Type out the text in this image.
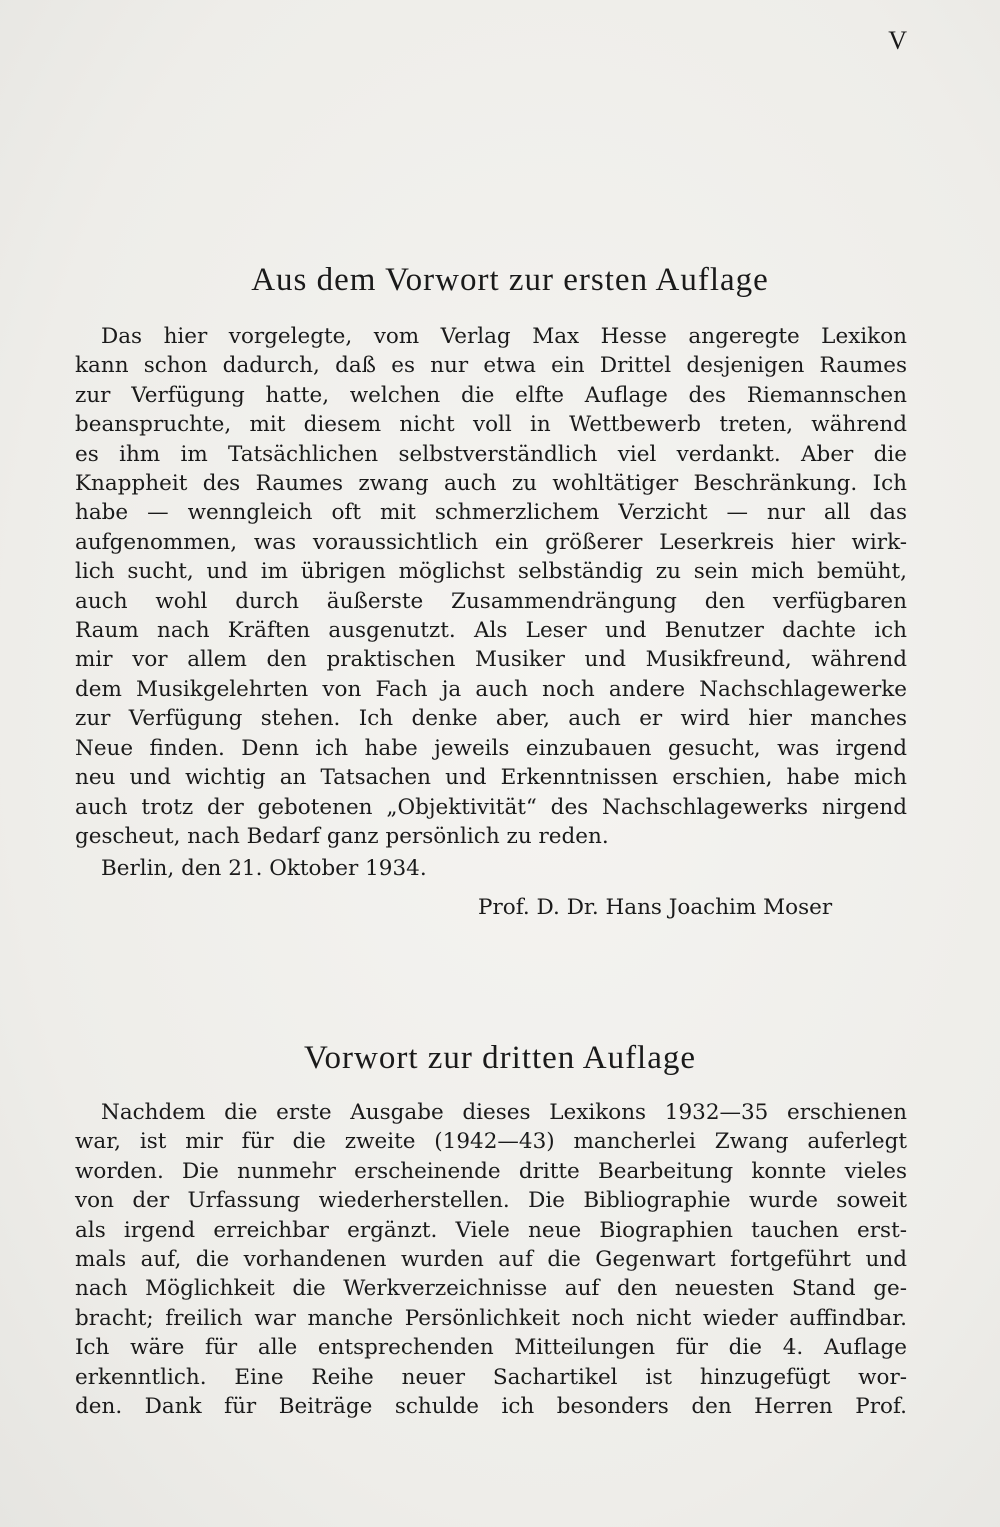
V
Aus dem Vorwort zur ersten Auflage
Das hier vorgelegte, vom Verlag Max Hesse angeregte Lexikon
kann schon dadurch, daß es nur etwa ein Drittel desjenigen Raumes
zur Verfügung hatte, welchen die elfte Auflage des Riemannschen
beanspruchte, mit diesem nicht voll in Wettbewerb treten, während
es ihm im Tatsächlichen selbstverständlich viel verdankt. Aber die
Knappheit des Raumes zwang auch zu wohltätiger Beschränkung. Ich
habe — wenngleich oft mit schmerzlichem Verzicht — nur all das
aufgenommen, was voraussichtlich ein größerer Leserkreis hier wirk-
lich sucht, und im übrigen möglichst selbständig zu sein mich bemüht,
auch wohl durch äußerste Zusammendrängung den verfügbaren
Raum nach Kräften ausgenutzt. Als Leser und Benutzer dachte ich
mir vor allem den praktischen Musiker und Musikfreund, während
dem Musikgelehrten von Fach ja auch noch andere Nachschlagewerke
zur Verfügung stehen. Ich denke aber, auch er wird hier manches
Neue finden. Denn ich habe jeweils einzubauen gesucht, was irgend
neu und wichtig an Tatsachen und Erkenntnissen erschien, habe mich
auch trotz der gebotenen „Objektivität“ des Nachschlagewerks nirgend
gescheut, nach Bedarf ganz persönlich zu reden.

Berlin, den 21. Oktober 1934.

Prof. D. Dr. Hans Joachim Moser

Vorwort zur dritten Auflage
Nachdem die erste Ausgabe dieses Lexikons 1932—35 erschienen
war, ist mir für die zweite (1942—43) mancherlei Zwang auferlegt
worden. Die nunmehr erscheinende dritte Bearbeitung konnte vieles
von der Urfassung wiederherstellen. Die Bibliographie wurde soweit
als irgend erreichbar ergänzt. Viele neue Biographien tauchen erst-
mals auf, die vorhandenen wurden auf die Gegenwart fortgeführt und
nach Möglichkeit die Werkverzeichnisse auf den neuesten Stand ge-
bracht; freilich war manche Persönlichkeit noch nicht wieder auffindbar.
Ich wäre für alle entsprechenden Mitteilungen für die 4. Auflage
erkenntlich. Eine Reihe neuer Sachartikel ist hinzugefügt wor-
den. Dank für Beiträge schulde ich besonders den Herren Prof.
